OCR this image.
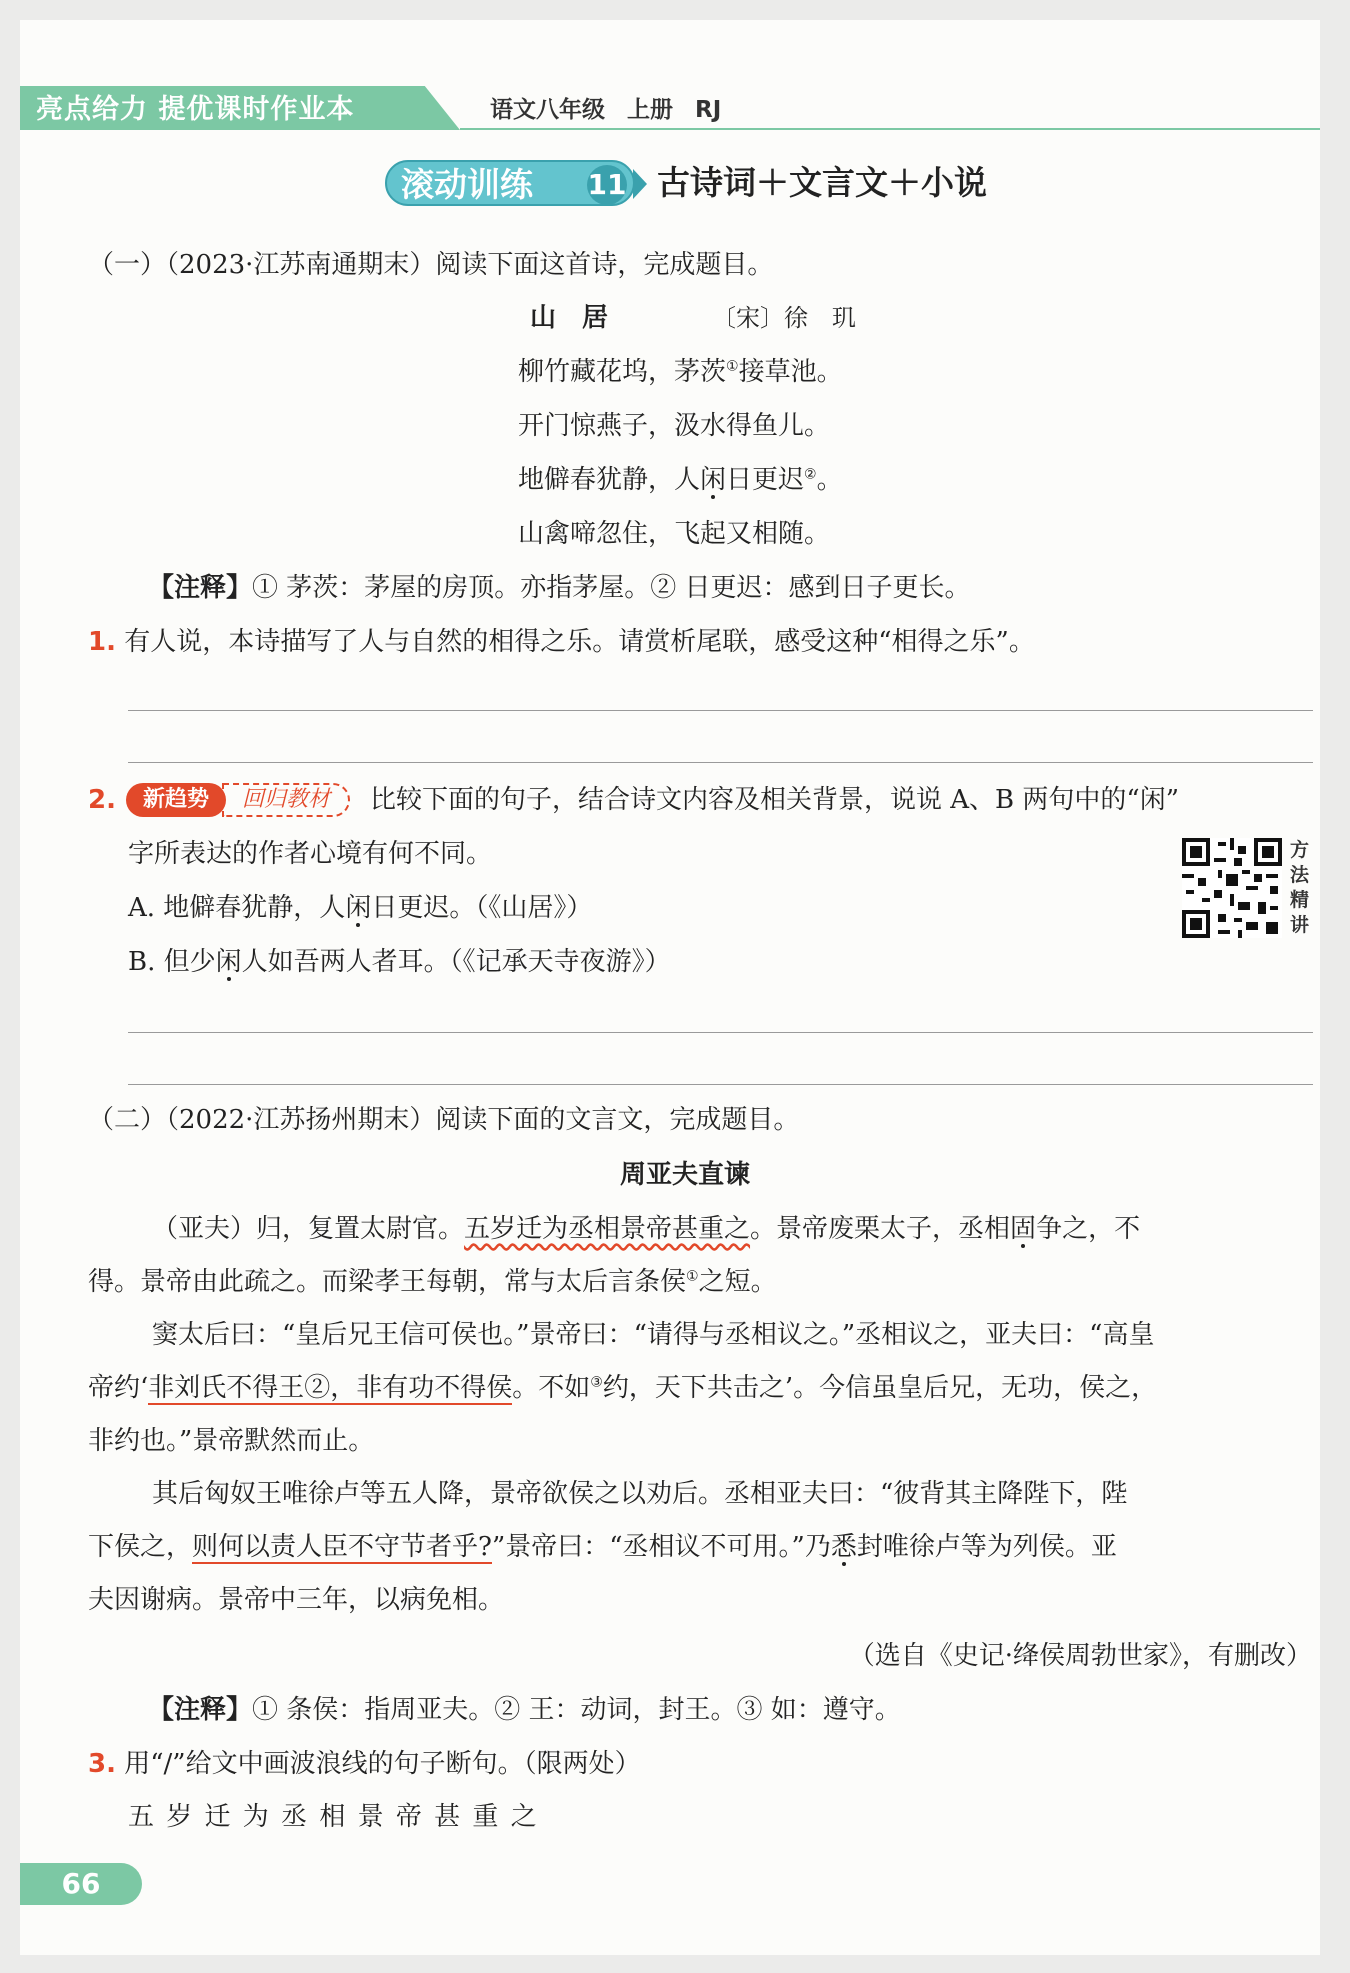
亮点给力 提优课时作业本	语文八年级 上册 RJ
滚动训练 11 古诗词＋文言文＋小说
（一）（2023·江苏南通期末）阅读下面这首诗，完成题目。
山　居	〔宋〕徐　玑
柳竹藏花坞，茅茨①接草池。
开门惊燕子，汲水得鱼儿。
地僻春犹静，人闲日更迟②。
山禽啼忽住，飞起又相随。
【注释】① 茅茨：茅屋的房顶。亦指茅屋。② 日更迟：感到日子更长。
1. 有人说，本诗描写了人与自然的相得之乐。请赏析尾联，感受这种“相得之乐”。
2.	新趋势	回归教材	比较下面的句子，结合诗文内容及相关背景，说说 A、B 两句中的“闲”
字所表达的作者心境有何不同。
A. 地僻春犹静，人闲日更迟。（《山居》）
B. 但少闲人如吾两人者耳。（《记承天寺夜游》）
方法精讲
（二）（2022·江苏扬州期末）阅读下面的文言文，完成题目。
周亚夫直谏
（亚夫）归，复置太尉官。五岁迁为丞相景帝甚重之。景帝废栗太子，丞相固争之，不
得。景帝由此疏之。而梁孝王每朝，常与太后言条侯①之短。
窦太后曰：“皇后兄王信可侯也。”景帝曰：“请得与丞相议之。”丞相议之，亚夫曰：“高皇
帝约‘非刘氏不得王②，非有功不得侯。不如③约，天下共击之’。今信虽皇后兄，无功，侯之，
非约也。”景帝默然而止。
其后匈奴王唯徐卢等五人降，景帝欲侯之以劝后。丞相亚夫曰：“彼背其主降陛下，陛
下侯之，则何以责人臣不守节者乎?”景帝曰：“丞相议不可用。”乃悉封唯徐卢等为列侯。亚
夫因谢病。景帝中三年，以病免相。
（选自《史记·绛侯周勃世家》，有删改）
【注释】① 条侯：指周亚夫。② 王：动词，封王。③ 如：遵守。
3. 用“/”给文中画波浪线的句子断句。（限两处）
五 岁 迁 为 丞 相 景 帝 甚 重 之
66
